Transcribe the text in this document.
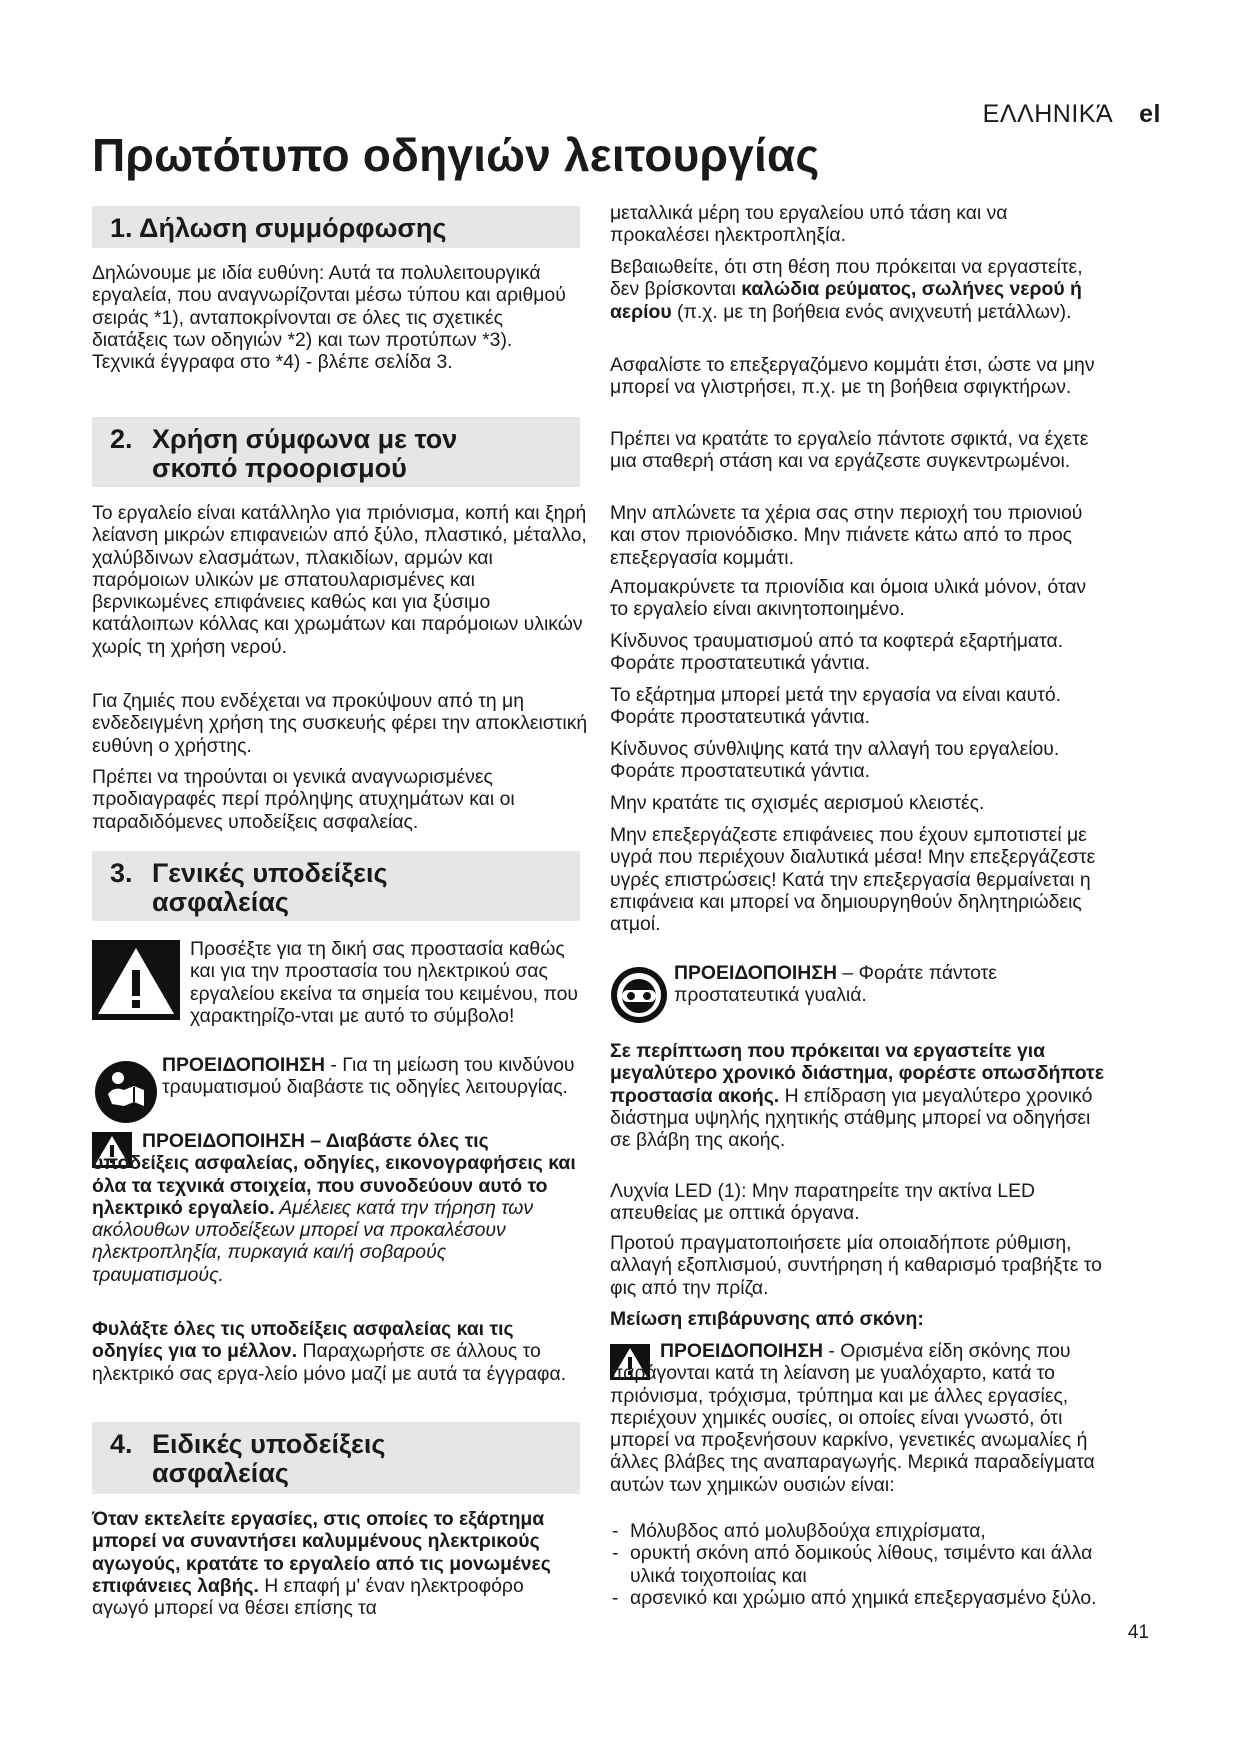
ΕΛΛΗΝΙΚΆ el
Πρωτότυπο οδηγιών λειτουργίας
1. Δήλωση συμμόρφωσης

Δηλώνουμε με ιδία ευθύνη: Αυτά τα πολυλειτουργικά εργαλεία, που αναγνωρίζονται μέσω τύπου και αριθμού σειράς *1), ανταποκρίνονται σε όλες τις σχετικές διατάξεις των οδηγιών *2) και των προτύπων *3). Τεχνικά έγγραφα στο *4) - βλέπε σελίδα 3.

2. Χρήση σύμφωνα με τον
σκοπό προορισμού

Το εργαλείο είναι κατάλληλο για πριόνισμα, κοπή και ξηρή λείανση μικρών επιφανειών από ξύλο, πλαστικό, μέταλλο, χαλύβδινων ελασμάτων, πλακιδίων, αρμών και παρόμοιων υλικών με σπατουλαρισμένες και βερνικωμένες επιφάνειες καθώς και για ξύσιμο κατάλοιπων κόλλας και χρωμάτων και παρόμοιων υλικών χωρίς τη χρήση νερού.

Για ζημιές που ενδέχεται να προκύψουν από τη μη ενδεδειγμένη χρήση της συσκευής φέρει την αποκλειστική ευθύνη ο χρήστης.

Πρέπει να τηρούνται οι γενικά αναγνωρισμένες προδιαγραφές περί πρόληψης ατυχημάτων και οι παραδιδόμενες υποδείξεις ασφαλείας.

3. Γενικές υποδείξεις
ασφαλείας

Προσέξτε για τη δική σας προστασία καθώς και για την προστασία του ηλεκτρικού σας εργαλείου εκείνα τα σημεία του κειμένου, που χαρακτηρίζο-νται με αυτό το σύμβολο!

ΠΡΟΕΙΔΟΠΟΙΗΣΗ - Για τη μείωση του κινδύνου τραυματισμού διαβάστε τις οδηγίες λειτουργίας.

ΠΡΟΕΙΔΟΠΟΙΗΣΗ – Διαβάστε όλες τις υποδείξεις ασφαλείας, οδηγίες, εικονογραφήσεις και όλα τα τεχνικά στοιχεία, που συνοδεύουν αυτό το ηλεκτρικό εργαλείο. Αμέλειες κατά την τήρηση των ακόλουθων υποδείξεων μπορεί να προκαλέσουν ηλεκτροπληξία, πυρκαγιά και/ή σοβαρούς τραυματισμούς.

Φυλάξτε όλες τις υποδείξεις ασφαλείας και τις οδηγίες για το μέλλον. Παραχωρήστε σε άλλους το ηλεκτρικό σας εργα-λείο μόνο μαζί με αυτά τα έγγραφα.

4. Ειδικές υποδείξεις
ασφαλείας

Όταν εκτελείτε εργασίες, στις οποίες το εξάρτημα μπορεί να συναντήσει καλυμμένους ηλεκτρικούς αγωγούς, κρατάτε το εργαλείο από τις μονωμένες επιφάνειες λαβής. Η επαφή μ' έναν ηλεκτροφόρο αγωγό μπορεί να θέσει επίσης τα

μεταλλικά μέρη του εργαλείου υπό τάση και να προκαλέσει ηλεκτροπληξία.

Βεβαιωθείτε, ότι στη θέση που πρόκειται να εργαστείτε, δεν βρίσκονται καλώδια ρεύματος, σωλήνες νερού ή αερίου (π.χ. με τη βοήθεια ενός ανιχνευτή μετάλλων).

Ασφαλίστε το επεξεργαζόμενο κομμάτι έτσι, ώστε να μην μπορεί να γλιστρήσει, π.χ. με τη βοήθεια σφιγκτήρων.

Πρέπει να κρατάτε το εργαλείο πάντοτε σφικτά, να έχετε μια σταθερή στάση και να εργάζεστε συγκεντρωμένοι.

Μην απλώνετε τα χέρια σας στην περιοχή του πριονιού και στον πριονόδισκο. Μην πιάνετε κάτω από το προς επεξεργασία κομμάτι.

Απομακρύνετε τα πριονίδια και όμοια υλικά μόνον, όταν το εργαλείο είναι ακινητοποιημένο.

Κίνδυνος τραυματισμού από τα κοφτερά εξαρτήματα. Φοράτε προστατευτικά γάντια.

Το εξάρτημα μπορεί μετά την εργασία να είναι καυτό. Φοράτε προστατευτικά γάντια.

Κίνδυνος σύνθλιψης κατά την αλλαγή του εργαλείου. Φοράτε προστατευτικά γάντια.

Μην κρατάτε τις σχισμές αερισμού κλειστές.

Μην επεξεργάζεστε επιφάνειες που έχουν εμποτιστεί με υγρά που περιέχουν διαλυτικά μέσα! Μην επεξεργάζεστε υγρές επιστρώσεις! Κατά την επεξεργασία θερμαίνεται η επιφάνεια και μπορεί να δημιουργηθούν δηλητηριώδεις ατμοί.

ΠΡΟΕΙΔΟΠΟΙΗΣΗ – Φοράτε πάντοτε προστατευτικά γυαλιά.

Σε περίπτωση που πρόκειται να εργαστείτε για μεγαλύτερο χρονικό διάστημα, φορέστε οπωσδήποτε προστασία ακοής. Η επίδραση για μεγαλύτερο χρονικό διάστημα υψηλής ηχητικής στάθμης μπορεί να οδηγήσει σε βλάβη της ακοής.

Λυχνία LED (1): Μην παρατηρείτε την ακτίνα LED απευθείας με οπτικά όργανα.

Προτού πραγματοποιήσετε μία οποιαδήποτε ρύθμιση, αλλαγή εξοπλισμού, συντήρηση ή καθαρισμό τραβήξτε το φις από την πρίζα.

Μείωση επιβάρυνσης από σκόνη:

ΠΡΟΕΙΔΟΠΟΙΗΣΗ - Ορισμένα είδη σκόνης που παράγονται κατά τη λείανση με γυαλόχαρτο, κατά το πριόνισμα, τρόχισμα, τρύπημα και με άλλες εργασίες, περιέχουν χημικές ουσίες, οι οποίες είναι γνωστό, ότι μπορεί να προξενήσουν καρκίνο, γενετικές ανωμαλίες ή άλλες βλάβες της αναπαραγωγής. Μερικά παραδείγματα αυτών των χημικών ουσιών είναι:

- Μόλυβδος από μολυβδούχα επιχρίσματα,
- ορυκτή σκόνη από δομικούς λίθους, τσιμέντο και άλλα υλικά τοιχοποιίας και
- αρσενικό και χρώμιο από χημικά επεξεργασμένο ξύλο.
41
